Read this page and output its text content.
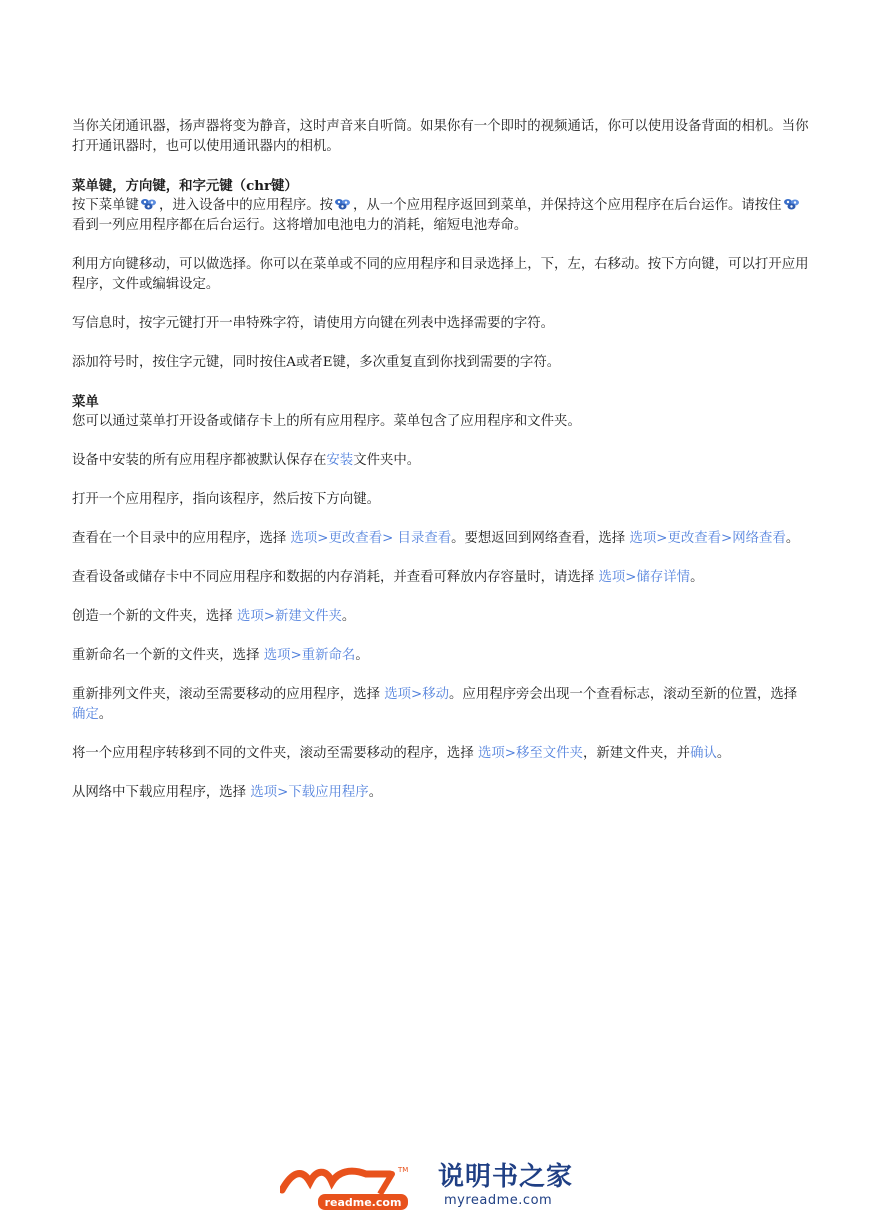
当你关闭通讯器，扬声器将变为静音，这时声音来自听筒。如果你有一个即时的视频通话，你可以使用设备背面的相机。当你打开通讯器时，也可以使用通讯器内的相机。

菜单键，方向键，和字元键（chr键）

按下菜单键 ，进入设备中的应用程序。按 ，从一个应用程序返回到菜单，并保持这个应用程序在后台运作。请按住看到一列应用程序都在后台运行。这将增加电池电力的消耗，缩短电池寿命。

利用方向键移动，可以做选择。你可以在菜单或不同的应用程序和目录选择上，下，左，右移动。按下方向键，可以打开应用程序，文件或编辑设定。

写信息时，按字元键打开一串特殊字符，请使用方向键在列表中选择需要的字符。

添加符号时，按住字元键，同时按住A或者E键，多次重复直到你找到需要的字符。

菜单

您可以通过菜单打开设备或储存卡上的所有应用程序。菜单包含了应用程序和文件夹。

设备中安装的所有应用程序都被默认保存在安装文件夹中。

打开一个应用程序，指向该程序，然后按下方向键。

查看在一个目录中的应用程序，选择 选项>更改查看> 目录查看。要想返回到网络查看，选择 选项>更改查看>网络查看。

查看设备或储存卡中不同应用程序和数据的内存消耗，并查看可释放内存容量时，请选择 选项>储存详情。

创造一个新的文件夹，选择 选项>新建文件夹。

重新命名一个新的文件夹，选择 选项>重新命名。

重新排列文件夹，滚动至需要移动的应用程序，选择 选项>移动。应用程序旁会出现一个查看标志，滚动至新的位置，选择 确定。

将一个应用程序转移到不同的文件夹，滚动至需要移动的程序，选择 选项>移至文件夹，新建文件夹，并确认。

从网络中下载应用程序，选择 选项>下载应用程序。

TM
My
readme.com
说明书之家
myreadme.com
